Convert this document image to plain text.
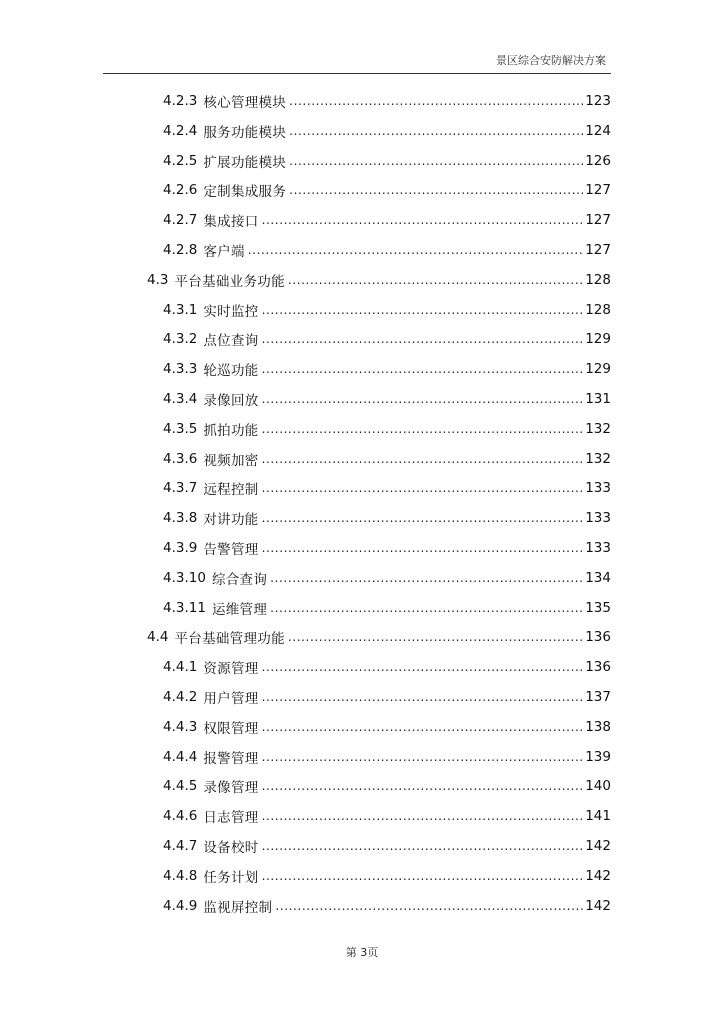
景区综合安防解决方案
4.2.3 核心管理模块 .....	123
4.2.4 服务功能模块 .....	124
4.2.5 扩展功能模块 .....	126
4.2.6 定制集成服务 .....	127
4.2.7 集成接口 .....	127
4.2.8 客户端 .....	127
4.3 平台基础业务功能 .....	128
4.3.1 实时监控 .....	128
4.3.2 点位查询 .....	129
4.3.3 轮巡功能 .....	129
4.3.4 录像回放 .....	131
4.3.5 抓拍功能 .....	132
4.3.6 视频加密 .....	132
4.3.7 远程控制 .....	133
4.3.8 对讲功能 .....	133
4.3.9 告警管理 .....	133
4.3.10 综合查询 .....	134
4.3.11 运维管理 .....	135
4.4 平台基础管理功能 .....	136
4.4.1 资源管理 .....	136
4.4.2 用户管理 .....	137
4.4.3 权限管理 .....	138
4.4.4 报警管理 .....	139
4.4.5 录像管理 .....	140
4.4.6 日志管理 .....	141
4.4.7 设备校时 .....	142
4.4.8 任务计划 .....	142
4.4.9 监视屏控制 .....	142
第 3页
